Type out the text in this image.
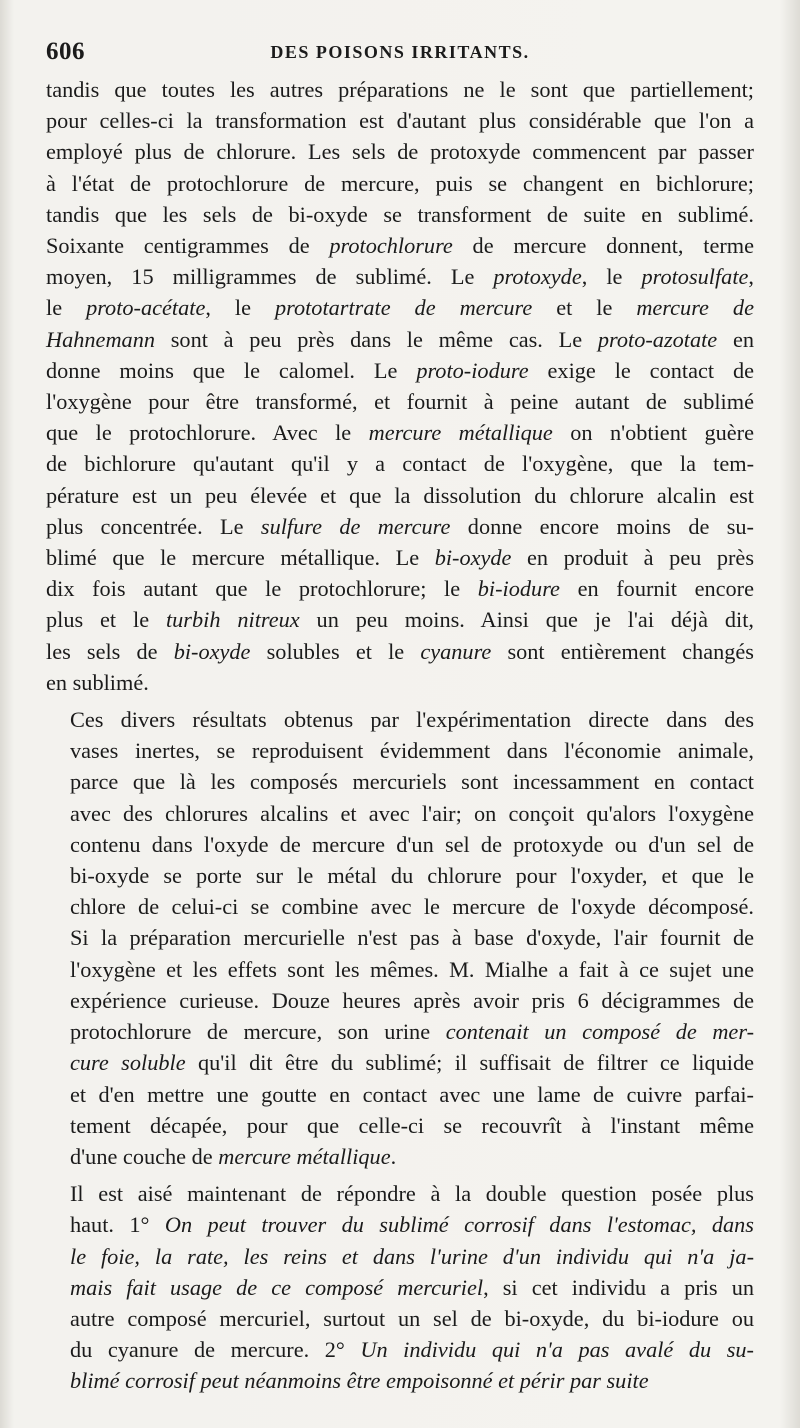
606	DES POISONS IRRITANTS.

tandis que toutes les autres préparations ne le sont que partiellement;
pour celles-ci la transformation est d'autant plus considérable que l'on a
employé plus de chlorure. Les sels de protoxyde commencent par passer
à l'état de protochlorure de mercure, puis se changent en bichlorure;
tandis que les sels de bi-oxyde se transforment de suite en sublimé.
Soixante centigrammes de protochlorure de mercure donnent, terme
moyen, 15 milligrammes de sublimé. Le protoxyde, le protosulfate,
le proto-acétate, le prototartrate de mercure et le mercure de
Hahnemann sont à peu près dans le même cas. Le proto-azotate en
donne moins que le calomel. Le proto-iodure exige le contact de
l'oxygène pour être transformé, et fournit à peine autant de sublimé
que le protochlorure. Avec le mercure métallique on n'obtient guère
de bichlorure qu'autant qu'il y a contact de l'oxygène, que la tem-
pérature est un peu élevée et que la dissolution du chlorure alcalin est
plus concentrée. Le sulfure de mercure donne encore moins de su-
blimé que le mercure métallique. Le bi-oxyde en produit à peu près
dix fois autant que le protochlorure; le bi-iodure en fournit encore
plus et le turbih nitreux un peu moins. Ainsi que je l'ai déjà dit,
les sels de bi-oxyde solubles et le cyanure sont entièrement changés
en sublimé.

Ces divers résultats obtenus par l'expérimentation directe dans des
vases inertes, se reproduisent évidemment dans l'économie animale,
parce que là les composés mercuriels sont incessamment en contact
avec des chlorures alcalins et avec l'air; on conçoit qu'alors l'oxygène
contenu dans l'oxyde de mercure d'un sel de protoxyde ou d'un sel de
bi-oxyde se porte sur le métal du chlorure pour l'oxyder, et que le
chlore de celui-ci se combine avec le mercure de l'oxyde décomposé.
Si la préparation mercurielle n'est pas à base d'oxyde, l'air fournit de
l'oxygène et les effets sont les mêmes. M. Mialhe a fait à ce sujet une
expérience curieuse. Douze heures après avoir pris 6 décigrammes de
protochlorure de mercure, son urine contenait un composé de mer-
cure soluble qu'il dit être du sublimé; il suffisait de filtrer ce liquide
et d'en mettre une goutte en contact avec une lame de cuivre parfai-
tement décapée, pour que celle-ci se recouvrît à l'instant même
d'une couche de mercure métallique.

Il est aisé maintenant de répondre à la double question posée plus
haut. 1° On peut trouver du sublimé corrosif dans l'estomac, dans
le foie, la rate, les reins et dans l'urine d'un individu qui n'a ja-
mais fait usage de ce composé mercuriel, si cet individu a pris un
autre composé mercuriel, surtout un sel de bi-oxyde, du bi-iodure ou
du cyanure de mercure. 2° Un individu qui n'a pas avalé du su-
blimé corrosif peut néanmoins être empoisonné et périr par suite
